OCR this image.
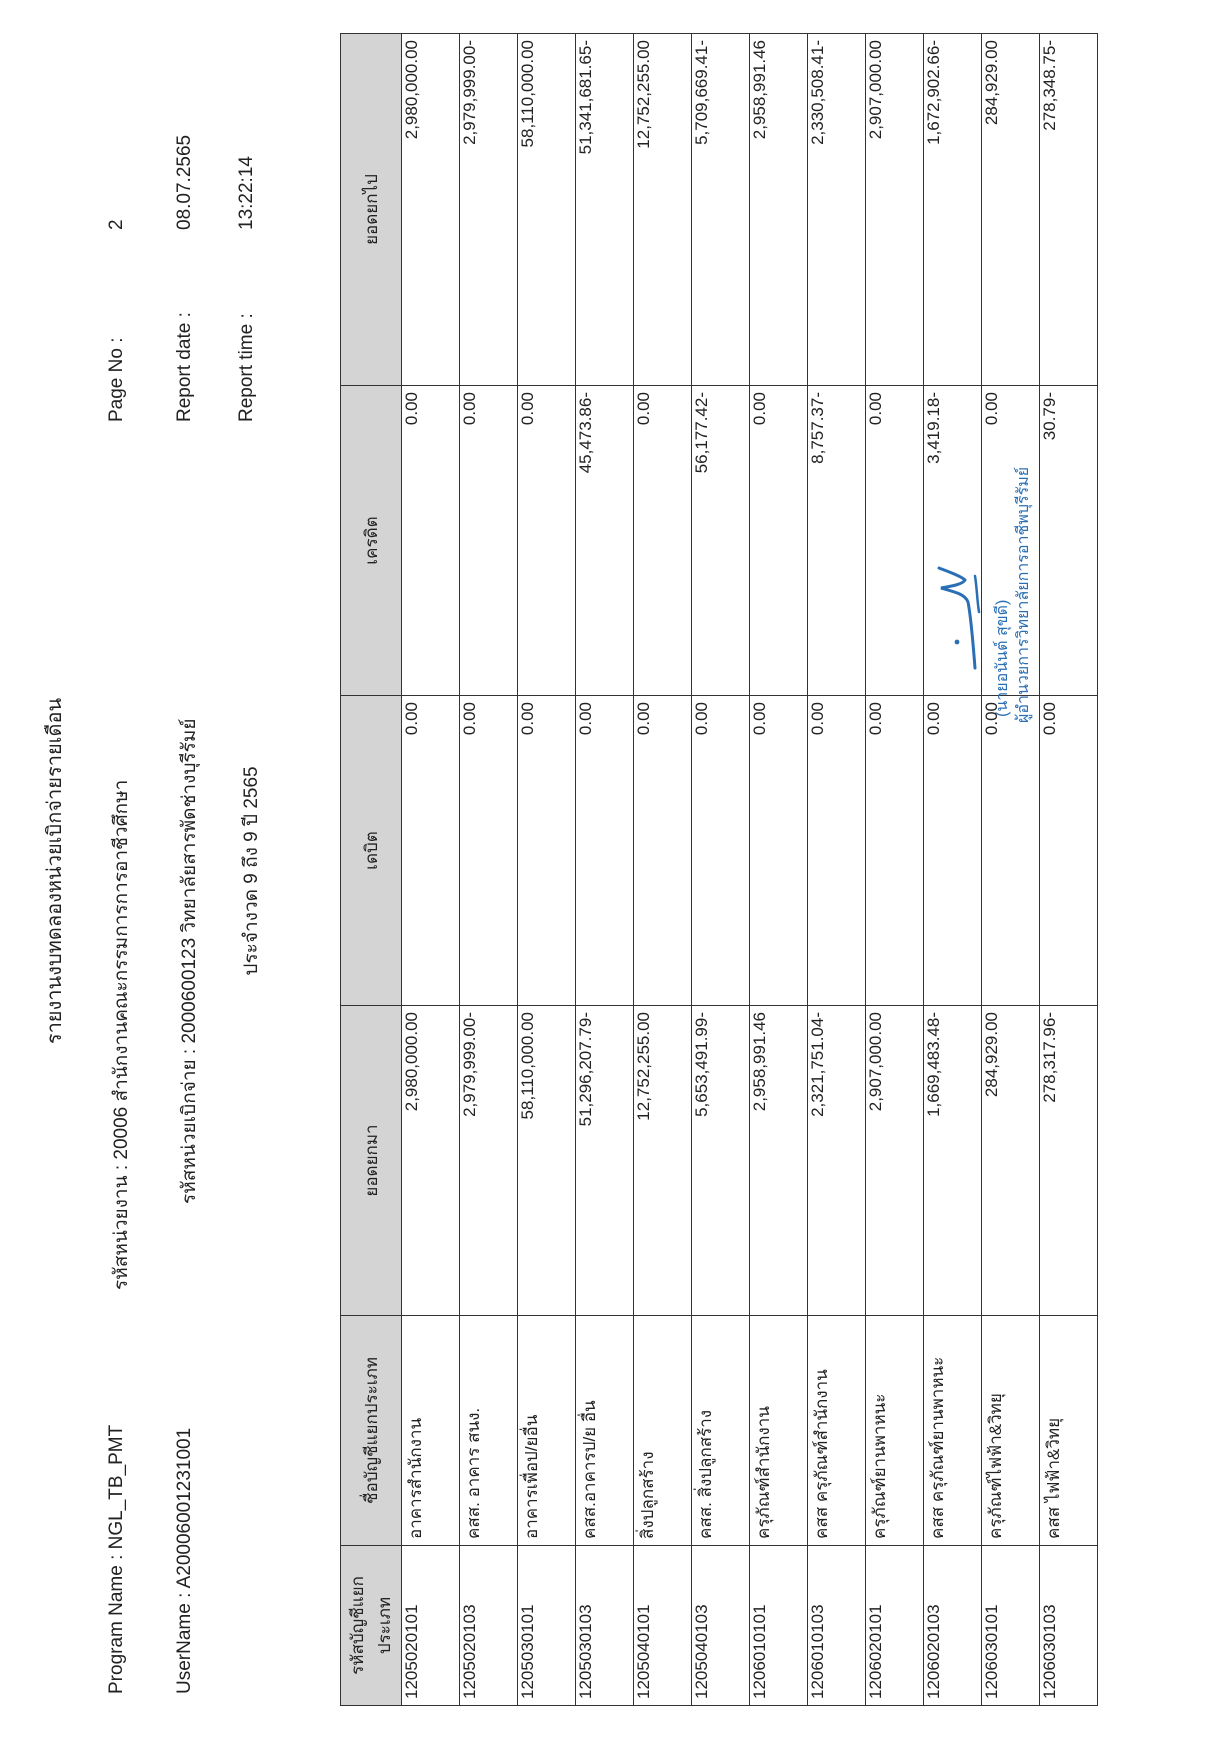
รายงานงบทดลองหน่วยเบิกจ่ายรายเดือน
Program Name : NGL_TB_PMT
รหัสหน่วยงาน : 20006 สำนักงานคณะกรรมการการอาชีวศึกษา
Page No :
2
UserName : A20006001231001
รหัสหน่วยเบิกจ่าย : 2000600123 วิทยาลัยสารพัดช่างบุรีรัมย์
Report date :
08.07.2565
ประจำงวด 9 ถึง 9 ปี 2565
Report time :
13:22:14
รหัสบัญชีแยกประเภท	ชื่อบัญชีแยกประเภท	ยอดยกมา	เดบิต	เครดิต	ยอดยกไป
1205020101	อาคารสำนักงาน	2,980,000.00	0.00	0.00	2,980,000.00
1205020103	คสส. อาคาร สนง.	2,979,999.00-	0.00	0.00	2,979,999.00-
1205030101	อาคารเพื่อป/ยอื่น	58,110,000.00	0.00	0.00	58,110,000.00
1205030103	คสส.อาคารป/ย อื่น	51,296,207.79-	0.00	45,473.86-	51,341,681.65-
1205040101	สิ่งปลูกสร้าง	12,752,255.00	0.00	0.00	12,752,255.00
1205040103	คสส. สิ่งปลูกสร้าง	5,653,491.99-	0.00	56,177.42-	5,709,669.41-
1206010101	ครุภัณฑ์สำนักงาน	2,958,991.46	0.00	0.00	2,958,991.46
1206010103	คสส ครุภัณฑ์สำนักงาน	2,321,751.04-	0.00	8,757.37-	2,330,508.41-
1206020101	ครุภัณฑ์ยานพาหนะ	2,907,000.00	0.00	0.00	2,907,000.00
1206020103	คสส ครุภัณฑ์ยานพาหนะ	1,669,483.48-	0.00	3,419.18-	1,672,902.66-
1206030101	ครุภัณฑ์ไฟฟ้า&วิทยุ	284,929.00	0.00	0.00	284,929.00
1206030103	คสส ไฟฟ้า&วิทยุ	278,317.96-	0.00	30.79-	278,348.75-
(นายอนันต์ สุขดี) ผู้อำนวยการวิทยาลัยการอาชีพบุรีรัมย์
